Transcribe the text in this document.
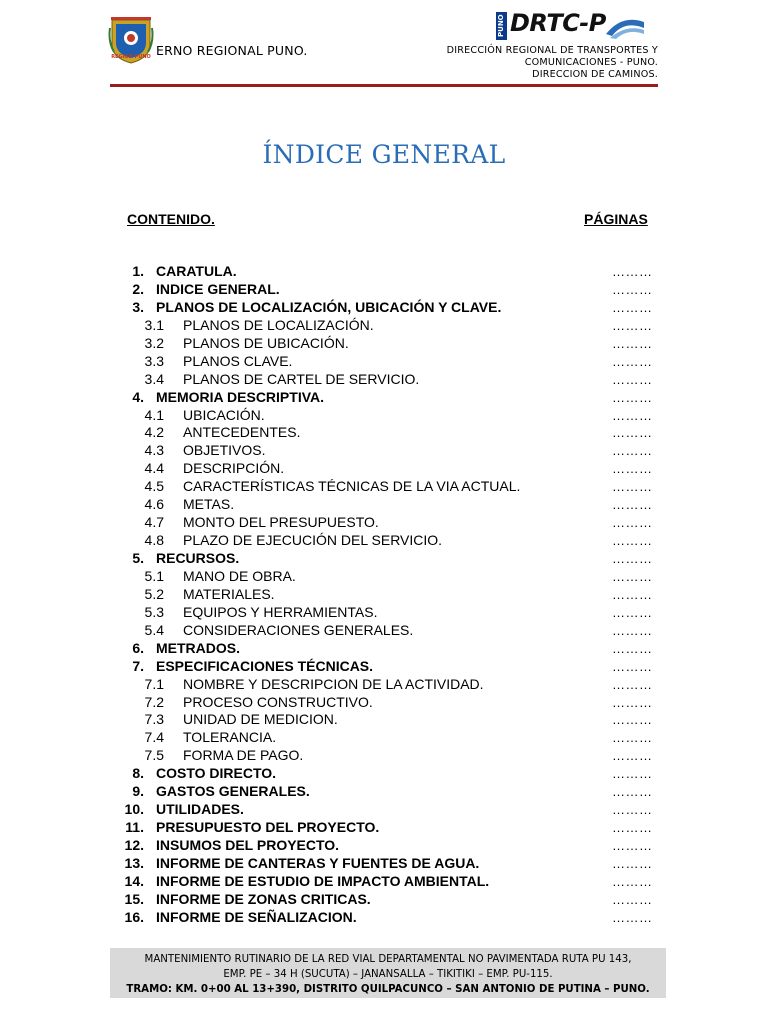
REGION PUNO ERNO REGIONAL PUNO.
PUNO DRTC-P
DIRECCIÓN REGIONAL DE TRANSPORTES Y
COMUNICACIONES - PUNO.
DIRECCION DE CAMINOS.
ÍNDICE GENERAL
CONTENIDO.	PÁGINAS
1. CARATULA.	………
2. INDICE GENERAL.	………
3. PLANOS DE LOCALIZACIÓN, UBICACIÓN Y CLAVE.	………
3.1 PLANOS DE LOCALIZACIÓN.	………
3.2 PLANOS DE UBICACIÓN.	………
3.3 PLANOS CLAVE.	………
3.4 PLANOS DE CARTEL DE SERVICIO.	………
4. MEMORIA DESCRIPTIVA.	………
4.1 UBICACIÓN.	………
4.2 ANTECEDENTES.	………
4.3 OBJETIVOS.	………
4.4 DESCRIPCIÓN.	………
4.5 CARACTERÍSTICAS TÉCNICAS DE LA VIA ACTUAL.	………
4.6 METAS.	………
4.7 MONTO DEL PRESUPUESTO.	………
4.8 PLAZO DE EJECUCIÓN DEL SERVICIO.	………
5. RECURSOS.	………
5.1 MANO DE OBRA.	………
5.2 MATERIALES.	………
5.3 EQUIPOS Y HERRAMIENTAS.	………
5.4 CONSIDERACIONES GENERALES.	………
6. METRADOS.	………
7. ESPECIFICACIONES TÉCNICAS.	………
7.1 NOMBRE Y DESCRIPCION DE LA ACTIVIDAD.	………
7.2 PROCESO CONSTRUCTIVO.	………
7.3 UNIDAD DE MEDICION.	………
7.4 TOLERANCIA.	………
7.5 FORMA DE PAGO.	………
8. COSTO DIRECTO.	………
9. GASTOS GENERALES.	………
10. UTILIDADES.	………
11. PRESUPUESTO DEL PROYECTO.	………
12. INSUMOS DEL PROYECTO.	………
13. INFORME DE CANTERAS Y FUENTES DE AGUA.	………
14. INFORME DE ESTUDIO DE IMPACTO AMBIENTAL.	………
15. INFORME DE ZONAS CRITICAS.	………
16. INFORME DE SEÑALIZACION.	………
MANTENIMIENTO RUTINARIO DE LA RED VIAL DEPARTAMENTAL NO PAVIMENTADA RUTA PU 143,
EMP. PE – 34 H (SUCUTA) – JANANSALLA – TIKITIKI – EMP. PU-115.
TRAMO: KM. 0+00 AL 13+390, DISTRITO QUILPACUNCO – SAN ANTONIO DE PUTINA – PUNO.
